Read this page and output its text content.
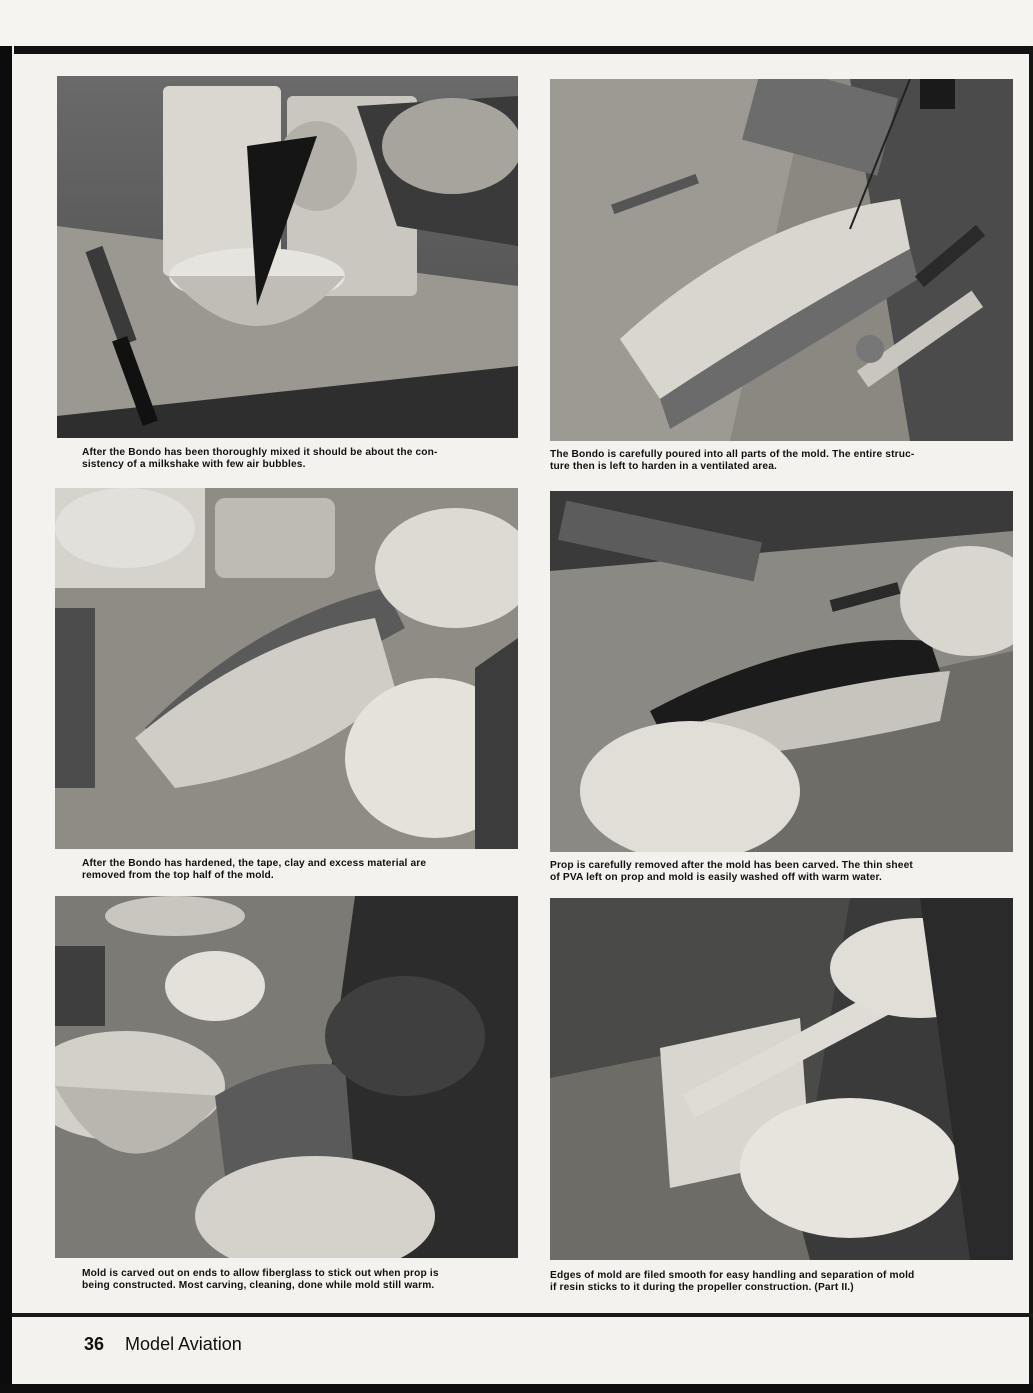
After the Bondo has been thoroughly mixed it should be about the con-
sistency of a milkshake with few air bubbles.
The Bondo is carefully poured into all parts of the mold. The entire struc-
ture then is left to harden in a ventilated area.
After the Bondo has hardened, the tape, clay and excess material are
removed from the top half of the mold.
Prop is carefully removed after the mold has been carved. The thin sheet
of PVA left on prop and mold is easily washed off with warm water.
Mold is carved out on ends to allow fiberglass to stick out when prop is
being constructed. Most carving, cleaning, done while mold still warm.
Edges of mold are filed smooth for easy handling and separation of mold
if resin sticks to it during the propeller construction. (Part II.)
36 Model Aviation
